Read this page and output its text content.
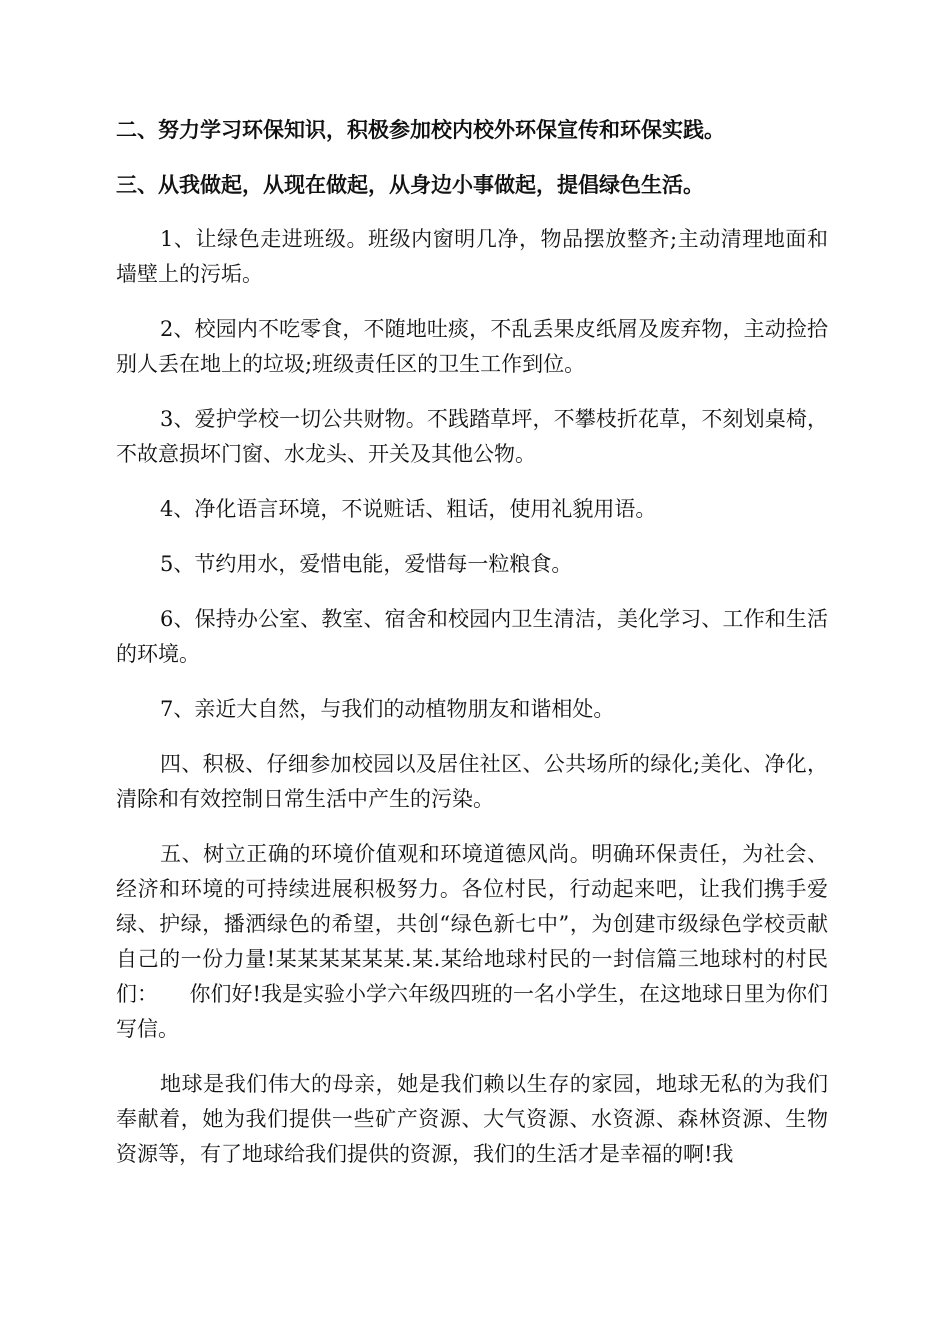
二、努力学习环保知识，积极参加校内校外环保宣传和环保实践。

三、从我做起，从现在做起，从身边小事做起，提倡绿色生活。

1、让绿色走进班级。班级内窗明几净，物品摆放整齐;主动清理地面和墙壁上的污垢。

2、校园内不吃零食，不随地吐痰，不乱丢果皮纸屑及废弃物，主动捡拾别人丢在地上的垃圾;班级责任区的卫生工作到位。

3、爱护学校一切公共财物。不践踏草坪，不攀枝折花草，不刻划桌椅，不故意损坏门窗、水龙头、开关及其他公物。

4、净化语言环境，不说赃话、粗话，使用礼貌用语。

5、节约用水，爱惜电能，爱惜每一粒粮食。

6、保持办公室、教室、宿舍和校园内卫生清洁，美化学习、工作和生活的环境。

7、亲近大自然，与我们的动植物朋友和谐相处。

四、积极、仔细参加校园以及居住社区、公共场所的绿化;美化、净化，清除和有效控制日常生活中产生的污染。

五、树立正确的环境价值观和环境道德风尚。明确环保责任，为社会、经济和环境的可持续进展积极努力。各位村民，行动起来吧，让我们携手爱绿、护绿，播洒绿色的希望，共创“绿色新七中”，为创建市级绿色学校贡献自己的一份力量!某某某某某某.某.某给地球村民的一封信篇三地球村的村民们：　　你们好!我是实验小学六年级四班的一名小学生，在这地球日里为你们写信。

地球是我们伟大的母亲，她是我们赖以生存的家园，地球无私的为我们奉献着，她为我们提供一些矿产资源、大气资源、水资源、森林资源、生物资源等，有了地球给我们提供的资源，我们的生活才是幸福的啊!我
